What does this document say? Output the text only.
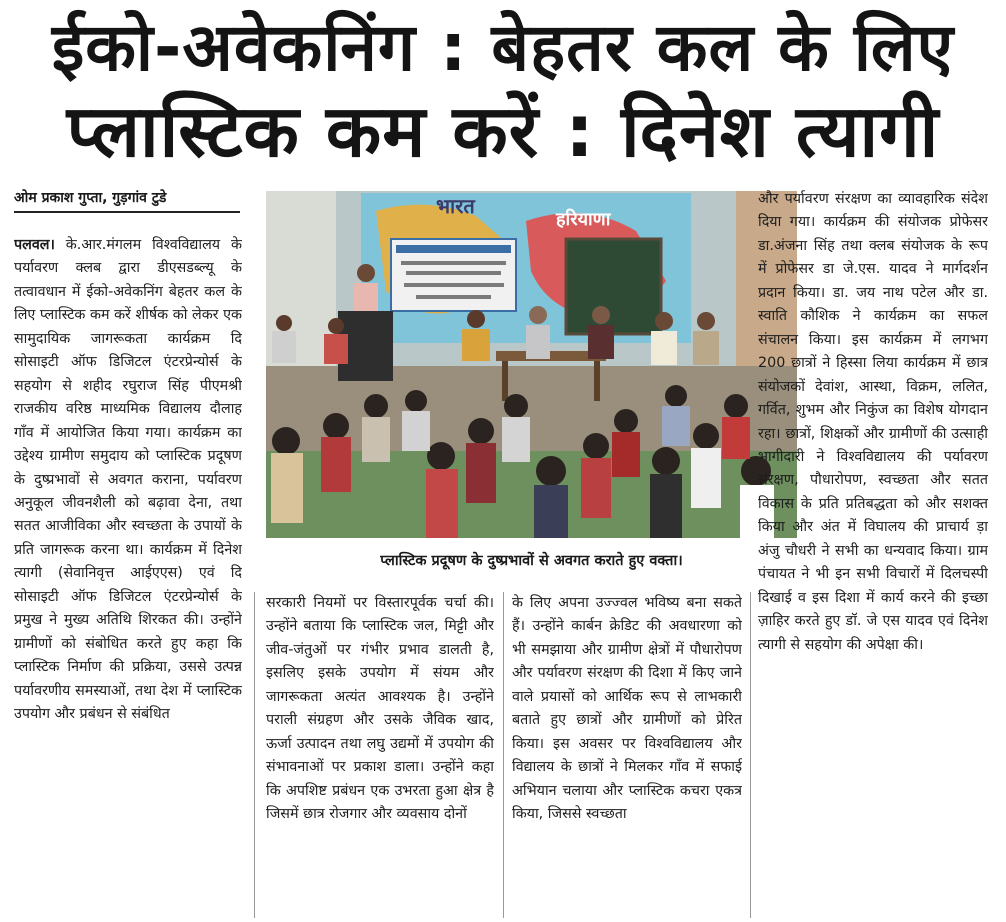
ईको-अवेकनिंग : बेहतर कल के लिए
प्लास्टिक कम करें : दिनेश त्यागी
ओम प्रकाश गुप्ता, गुड़गांव टुडे

पलवल। के.आर.मंगलम विश्वविद्यालय के पर्यावरण क्लब द्वारा डीएसडब्ल्यू के तत्वावधान में ईको-अवेकनिंग बेहतर कल के लिए प्लास्टिक कम करें शीर्षक को लेकर एक सामुदायिक जागरूकता कार्यक्रम दि सोसाइटी ऑफ डिजिटल एंटरप्रेन्योर्स के सहयोग से शहीद रघुराज सिंह पीएमश्री राजकीय वरिष्ठ माध्यमिक विद्यालय दौलाह गाँव में आयोजित किया गया। कार्यक्रम का उद्देश्य ग्रामीण समुदाय को प्लास्टिक प्रदूषण के दुष्प्रभावों से अवगत कराना, पर्यावरण अनुकूल जीवनशैली को बढ़ावा देना, तथा सतत आजीविका और स्वच्छता के उपायों के प्रति जागरूक करना था। कार्यक्रम में दिनेश त्यागी (सेवानिवृत्त आईएएस) एवं दि सोसाइटी ऑफ डिजिटल एंटरप्रेन्योर्स के प्रमुख ने मुख्य अतिथि शिरकत की। उन्होंने ग्रामीणों को संबोधित करते हुए कहा कि प्लास्टिक निर्माण की प्रक्रिया, उससे उत्पन्न पर्यावरणीय समस्याओं, तथा देश में प्लास्टिक उपयोग और प्रबंधन से संबंधित

भारत
हरियाणा
प्लास्टिक प्रदूषण के दुष्प्रभावों से अवगत कराते हुए वक्ता।

सरकारी नियमों पर विस्तारपूर्वक चर्चा की। उन्होंने बताया कि प्लास्टिक जल, मिट्टी और जीव-जंतुओं पर गंभीर प्रभाव डालती है, इसलिए इसके उपयोग में संयम और जागरूकता अत्यंत आवश्यक है। उन्होंने पराली संग्रहण और उसके जैविक खाद, ऊर्जा उत्पादन तथा लघु उद्यमों में उपयोग की संभावनाओं पर प्रकाश डाला। उन्होंने कहा कि अपशिष्ट प्रबंधन एक उभरता हुआ क्षेत्र है जिसमें छात्र रोजगार और व्यवसाय दोनों

के लिए अपना उज्ज्वल भविष्य बना सकते हैं। उन्होंने कार्बन क्रेडिट की अवधारणा को भी समझाया और ग्रामीण क्षेत्रों में पौधारोपण और पर्यावरण संरक्षण की दिशा में किए जाने वाले प्रयासों को आर्थिक रूप से लाभकारी बताते हुए छात्रों और ग्रामीणों को प्रेरित किया। इस अवसर पर विश्वविद्यालय और विद्यालय के छात्रों ने मिलकर गाँव में सफाई अभियान चलाया और प्लास्टिक कचरा एकत्र किया, जिससे स्वच्छता

और पर्यावरण संरक्षण का व्यावहारिक संदेश दिया गया। कार्यक्रम की संयोजक प्रोफेसर डा.अंजना सिंह तथा क्लब संयोजक के रूप में प्रोफेसर डा जे.एस. यादव ने मार्गदर्शन प्रदान किया। डा. जय नाथ पटेल और डा. स्वाति कौशिक ने कार्यक्रम का सफल संचालन किया। इस कार्यक्रम में लगभग 200 छात्रों ने हिस्सा लिया कार्यक्रम में छात्र संयोजकों देवांश, आस्था, विक्रम, ललित, गर्वित, शुभम और निकुंज का विशेष योगदान रहा। छात्रों, शिक्षकों और ग्रामीणों की उत्साही भागीदारी ने विश्वविद्यालय की पर्यावरण संरक्षण, पौधारोपण, स्वच्छता और सतत विकास के प्रति प्रतिबद्धता को और सशक्त किया और अंत में विघालय की प्राचार्य ड़ा अंजु चौधरी ने सभी का धन्यवाद किया। ग्राम पंचायत ने भी इन सभी विचारों में दिलचस्पी दिखाई व इस दिशा में कार्य करने की इच्छा ज़ाहिर करते हुए डॉ. जे एस यादव एवं दिनेश त्यागी से सहयोग की अपेक्षा की।
